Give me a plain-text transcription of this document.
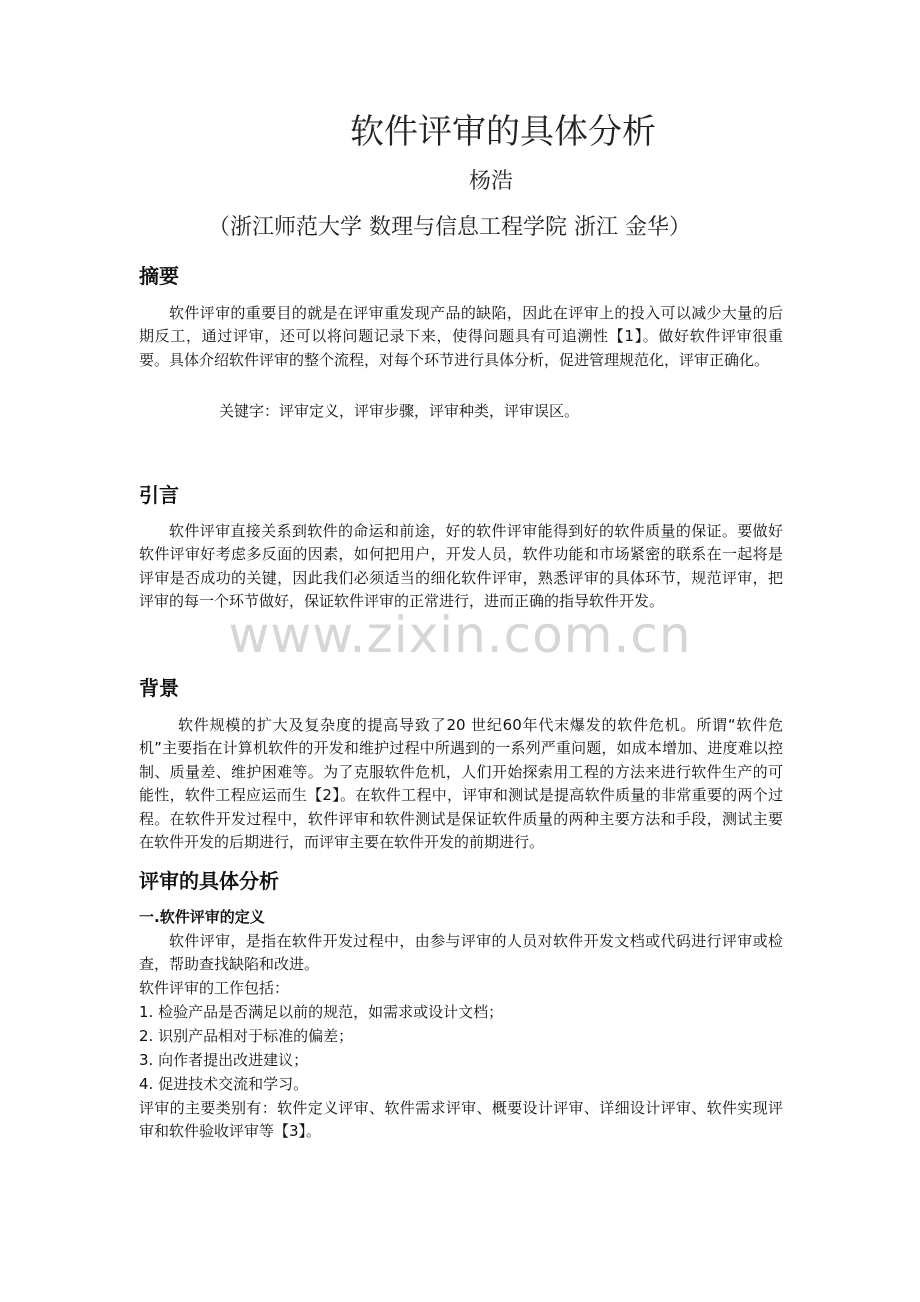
软件评审的具体分析
杨浩
（浙江师范大学 数理与信息工程学院 浙江 金华）
摘要
软件评审的重要目的就是在评审重发现产品的缺陷，因此在评审上的投入可以减少大量的后期反工，通过评审，还可以将问题记录下来，使得问题具有可追溯性【1】。做好软件评审很重要。具体介绍软件评审的整个流程，对每个环节进行具体分析，促进管理规范化，评审正确化。
关键字：评审定义，评审步骤，评审种类，评审误区。
引言
软件评审直接关系到软件的命运和前途，好的软件评审能得到好的软件质量的保证。要做好软件评审好考虑多反面的因素，如何把用户，开发人员，软件功能和市场紧密的联系在一起将是评审是否成功的关键，因此我们必须适当的细化软件评审，熟悉评审的具体环节，规范评审，把评审的每一个环节做好，保证软件评审的正常进行，进而正确的指导软件开发。
www.zixin.com.cn
背景
软件规模的扩大及复杂度的提高导致了20 世纪60年代末爆发的软件危机。所谓“软件危机”主要指在计算机软件的开发和维护过程中所遇到的一系列严重问题，如成本增加、进度难以控制、质量差、维护困难等。为了克服软件危机，人们开始探索用工程的方法来进行软件生产的可能性，软件工程应运而生【2】。在软件工程中，评审和测试是提高软件质量的非常重要的两个过程。在软件开发过程中，软件评审和软件测试是保证软件质量的两种主要方法和手段，测试主要在软件开发的后期进行，而评审主要在软件开发的前期进行。
评审的具体分析
一.软件评审的定义
软件评审，是指在软件开发过程中，由参与评审的人员对软件开发文档或代码进行评审或检查，帮助查找缺陷和改进。
软件评审的工作包括：
1. 检验产品是否满足以前的规范，如需求或设计文档；
2. 识别产品相对于标准的偏差；
3. 向作者提出改进建议；
4. 促进技术交流和学习。
评审的主要类别有：软件定义评审、软件需求评审、概要设计评审、详细设计评审、软件实现评审和软件验收评审等【3】。
